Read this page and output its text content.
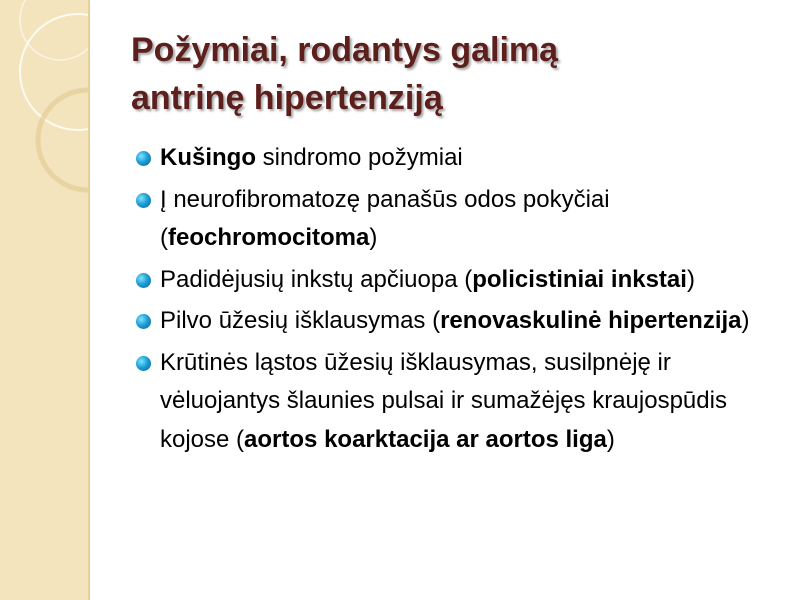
Požymiai, rodantys galimą
antrinę hipertenziją
Kušingo sindromo požymiai
Į neurofibromatozę panašūs odos pokyčiai (feochromocitoma)
Padidėjusių inkstų apčiuopa (policistiniai inkstai)
Pilvo ūžesių išklausymas (renovaskulinė hipertenzija)
Krūtinės ląstos ūžesių išklausymas, susilpnėję ir vėluojantys šlaunies pulsai ir sumažėjęs kraujospūdis kojose (aortos koarktacija ar aortos liga)
